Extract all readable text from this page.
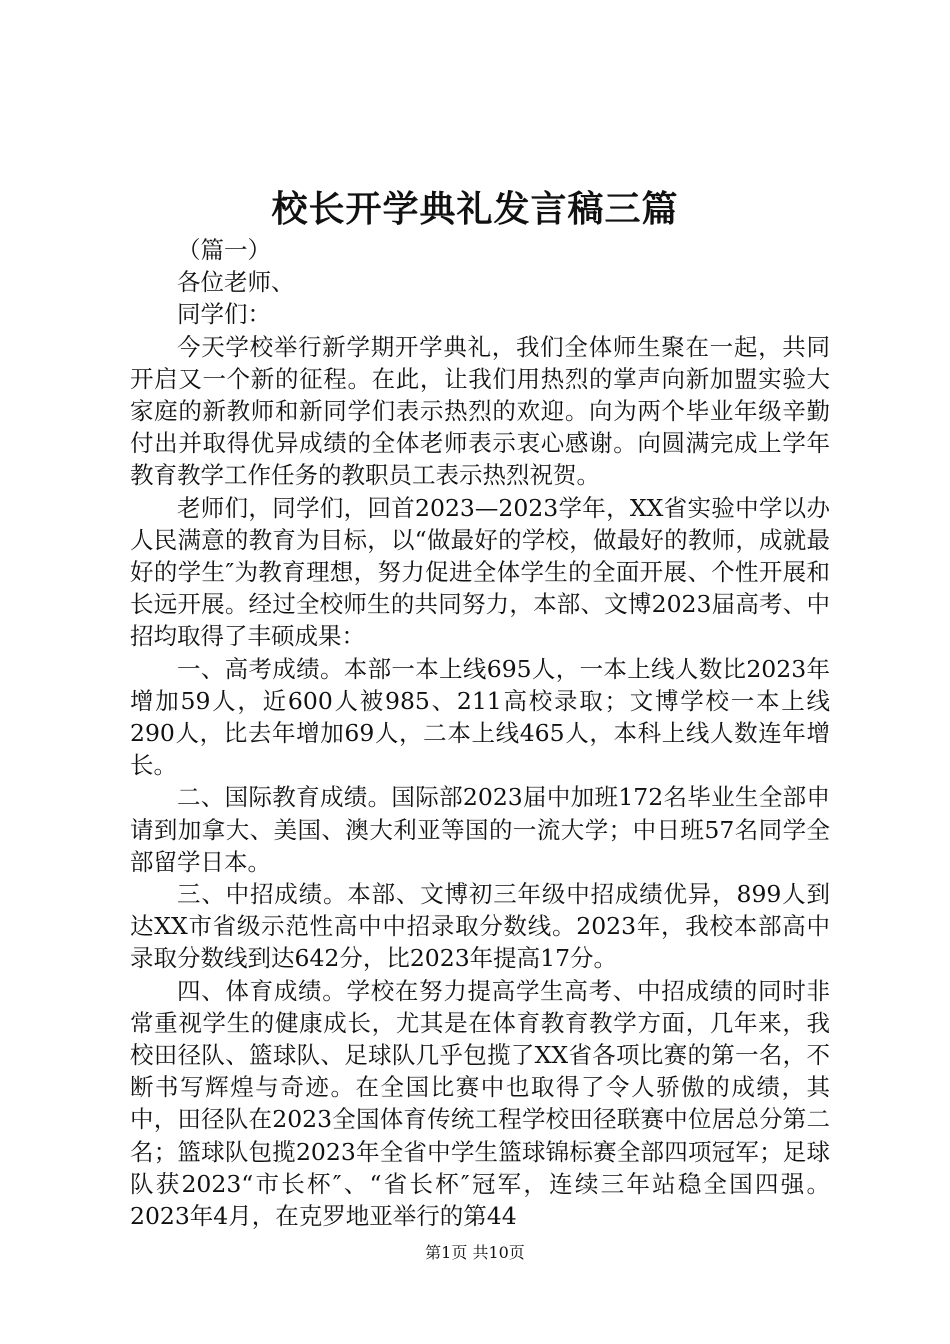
校长开学典礼发言稿三篇

（篇一）

各位老师、

同学们：

今天学校举行新学期开学典礼，我们全体师生聚在一起，共同开启又一个新的征程。在此，让我们用热烈的掌声向新加盟实验大家庭的新教师和新同学们表示热烈的欢迎。向为两个毕业年级辛勤付出并取得优异成绩的全体老师表示衷心感谢。向圆满完成上学年教育教学工作任务的教职员工表示热烈祝贺。

老师们，同学们，回首2023—2023学年，XX省实验中学以办人民满意的教育为目标，以“做最好的学校，做最好的教师，成就最好的学生″为教育理想，努力促进全体学生的全面开展、个性开展和长远开展。经过全校师生的共同努力，本部、文博2023届高考、中招均取得了丰硕成果：

一、高考成绩。本部一本上线695人，一本上线人数比2023年增加59人，近600人被985、211高校录取；文博学校一本上线290人，比去年增加69人，二本上线465人，本科上线人数连年增长。

二、国际教育成绩。国际部2023届中加班172名毕业生全部申请到加拿大、美国、澳大利亚等国的一流大学；中日班57名同学全部留学日本。

三、中招成绩。本部、文博初三年级中招成绩优异，899人到达XX市省级示范性高中中招录取分数线。2023年，我校本部高中录取分数线到达642分，比2023年提高17分。

四、体育成绩。学校在努力提高学生高考、中招成绩的同时非常重视学生的健康成长，尤其是在体育教育教学方面，几年来，我校田径队、篮球队、足球队几乎包揽了XX省各项比赛的第一名，不断书写辉煌与奇迹。在全国比赛中也取得了令人骄傲的成绩，其中，田径队在2023全国体育传统工程学校田径联赛中位居总分第二名；篮球队包揽2023年全省中学生篮球锦标赛全部四项冠军；足球队获2023“市长杯″、“省长杯″冠军，连续三年站稳全国四强。2023年4月，在克罗地亚举行的第44

第1页 共10页
